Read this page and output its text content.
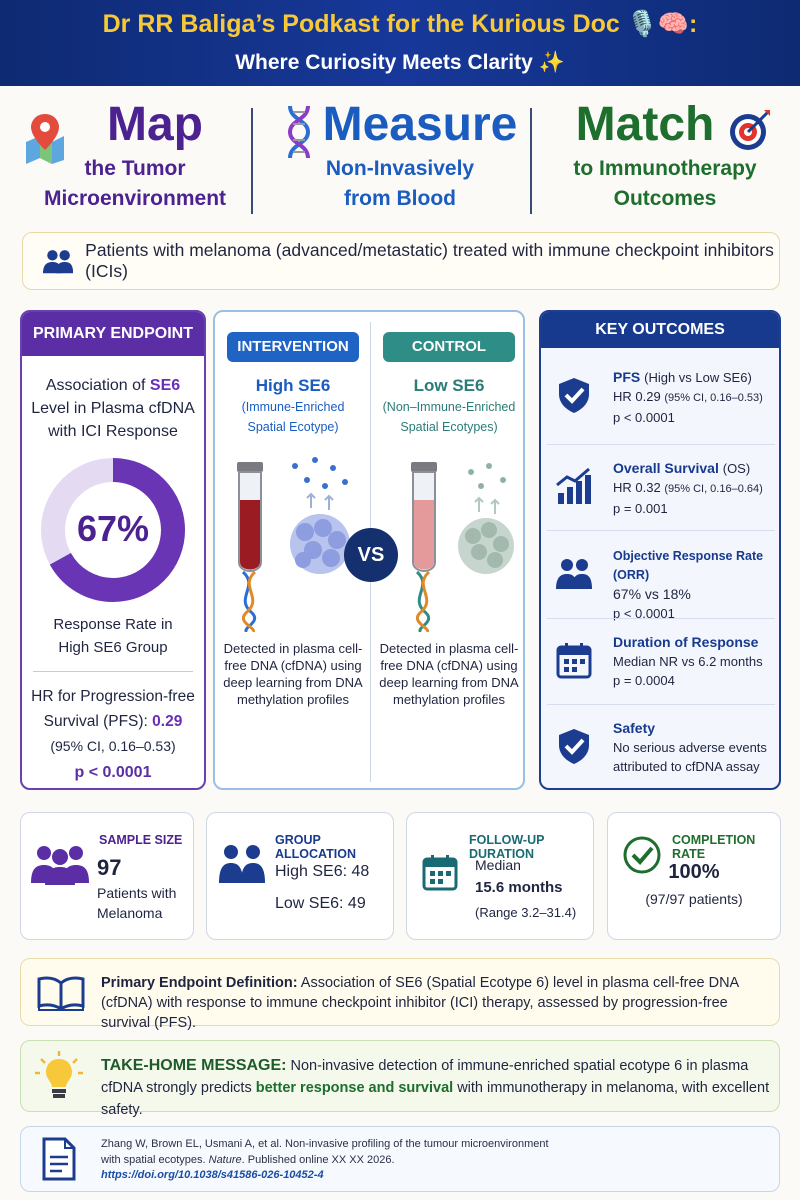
Dr RR Baliga’s Podkast for the Kurious Doc 🎙️🧠:
Where Curiosity Meets Clarity ✨
Map
the Tumor
Microenvironment
Measure
Non-Invasively
from Blood
Match
to Immunotherapy
Outcomes
Patients with melanoma (advanced/metastatic) treated with immune checkpoint inhibitors (ICIs)
PRIMARY ENDPOINT
Association of SE6
Level in Plasma cfDNA
with ICI Response
67%
Response Rate in
High SE6 Group
HR for Progression-free
Survival (PFS): 0.29
(95% CI, 0.16–0.53)
p < 0.0001
INTERVENTION
High SE6
(Immune-Enriched
Spatial Ecotype)
Detected in plasma cell-free DNA (cfDNA) using deep learning from DNA methylation profiles
CONTROL
Low SE6
(Non–Immune-Enriched
Spatial Ecotypes)
Detected in plasma cell-free DNA (cfDNA) using deep learning from DNA methylation profiles
VS
KEY OUTCOMES
PFS (High vs Low SE6)
HR 0.29 (95% CI, 0.16–0.53)
p < 0.0001
Overall Survival (OS)
HR 0.32 (95% CI, 0.16–0.64)
p = 0.001
Objective Response Rate (ORR)
67% vs 18%
p < 0.0001
Duration of Response
Median NR vs 6.2 months
p = 0.0004
Safety
No serious adverse events
attributed to cfDNA assay
SAMPLE SIZE
97
Patients with
Melanoma
GROUP ALLOCATION
High SE6: 48
Low SE6: 49
FOLLOW-UP DURATION
Median
15.6 months
(Range 3.2–31.4)
COMPLETION RATE
100%
(97/97 patients)
Primary Endpoint Definition: Association of SE6 (Spatial Ecotype 6) level in plasma cell-free DNA (cfDNA) with response to immune checkpoint inhibitor (ICI) therapy, assessed by progression-free survival (PFS).
TAKE-HOME MESSAGE: Non-invasive detection of immune-enriched spatial ecotype 6 in plasma cfDNA strongly predicts better response and survival with immunotherapy in melanoma, with excellent safety.
Zhang W, Brown EL, Usmani A, et al. Non-invasive profiling of the tumour microenvironment
with spatial ecotypes. Nature. Published online XX XX 2026.
https://doi.org/10.1038/s41586-026-10452-4
